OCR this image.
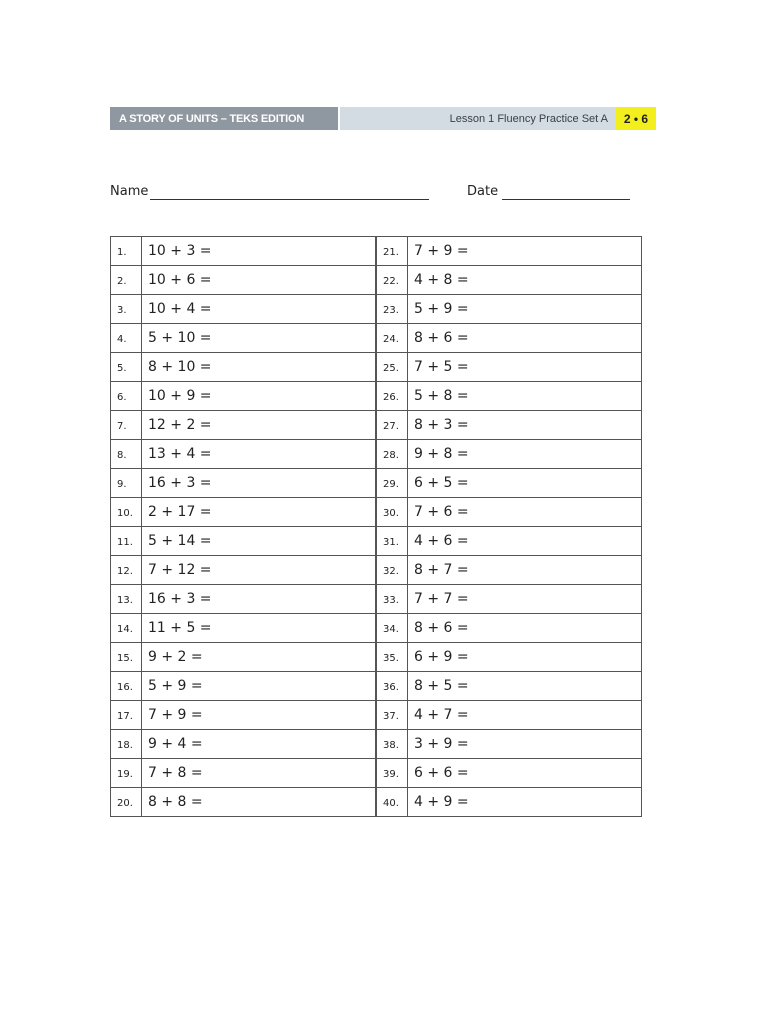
A STORY OF UNITS – TEKS EDITION	Lesson 1 Fluency Practice Set A	2 • 6
Name	Date
1.	10 + 3 =
2.	10 + 6 =
3.	10 + 4 =
4.	5 + 10 =
5.	8 + 10 =
6.	10 + 9 =
7.	12 + 2 =
8.	13 + 4 =
9.	16 + 3 =
10.	2 + 17 =
11.	5 + 14 =
12.	7 + 12 =
13.	16 + 3 =
14.	11 + 5 =
15.	9 + 2 =
16.	5 + 9 =
17.	7 + 9 =
18.	9 + 4 =
19.	7 + 8 =
20.	8 + 8 =
21.	7 + 9 =
22.	4 + 8 =
23.	5 + 9 =
24.	8 + 6 =
25.	7 + 5 =
26.	5 + 8 =
27.	8 + 3 =
28.	9 + 8 =
29.	6 + 5 =
30.	7 + 6 =
31.	4 + 6 =
32.	8 + 7 =
33.	7 + 7 =
34.	8 + 6 =
35.	6 + 9 =
36.	8 + 5 =
37.	4 + 7 =
38.	3 + 9 =
39.	6 + 6 =
40.	4 + 9 =
